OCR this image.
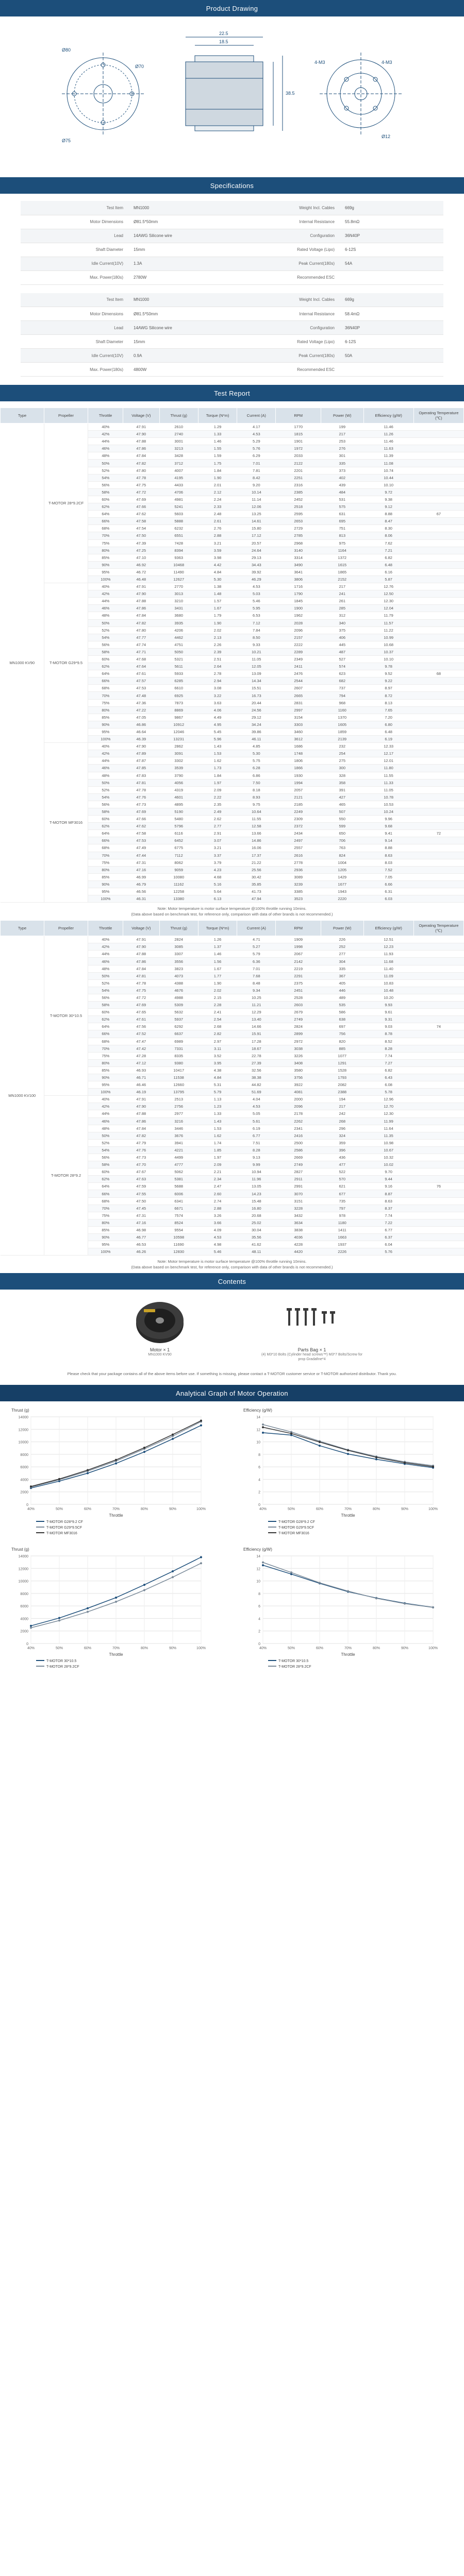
Product Drawing
Ø80
Ø75
Ø70
22.5
18.5
38.5
4-M3
4-M3
Ø12
Specifications
Test Item	MN1000	Weight Incl. Cables	669g
Motor Dimensions	Ø81.5*50mm	Internal Resistance	55.8mΩ
Lead	14AWG Silicone wire	Configuration	36N40P
Shaft Diameter	15mm	Rated Voltage (Lipo)	6-12S
Idle Current(10V)	1.3A	Peak Current(180s)	54A
Max. Power(180s)	2780W	Recommended ESC	
Test Item	MN1000	Weight Incl. Cables	669g
Motor Dimensions	Ø81.5*50mm	Internal Resistance	58.4mΩ
Lead	14AWG Silicone wire	Configuration	36N40P
Shaft Diameter	15mm	Rated Voltage (Lipo)	6-12S
Idle Current(10V)	0.9A	Peak Current(180s)	50A
Max. Power(180s)	4800W	Recommended ESC	
Test Report
Type	Propeller	Throttle	Voltage (V)	Thrust (g)	Torque (N*m)	Current (A)	RPM	Power (W)	Efficiency (g/W)	Operating Temperature (℃)
MN1000 KV90	T-MOTOR 28*9.2CF	40%	47.91	2610	1.29	4.17	1770	199	11.46	
		42%	47.90	2740	1.33	4.53	1815	217	11.26	
		44%	47.88	3001	1.46	5.29	1901	253	11.46	
		46%	47.86	3213	1.55	5.76	1972	276	11.63	
		48%	47.84	3428	1.59	6.29	2033	301	11.39	
		50%	47.82	3712	1.75	7.01	2122	335	11.08	
		52%	47.80	4007	1.84	7.81	2201	373	10.74	
		54%	47.78	4195	1.90	8.42	2251	402	10.44	
		56%	47.75	4433	2.01	9.20	2316	439	10.10	
		58%	47.72	4706	2.12	10.14	2385	484	9.72	
		60%	47.69	4981	2.24	11.14	2452	531	9.38	
		62%	47.66	5241	2.33	12.06	2518	575	9.12	
		64%	47.62	5603	2.48	13.25	2595	631	8.88	67
		66%	47.58	5888	2.61	14.61	2653	695	8.47	
		68%	47.54	6232	2.76	15.80	2729	751	8.30	
		70%	47.50	6551	2.88	17.12	2785	813	8.06	
		75%	47.39	7428	3.21	20.57	2968	975	7.62	
		80%	47.25	8394	3.59	24.64	3140	1164	7.21	
		85%	47.10	9363	3.98	29.13	3314	1372	6.82	
		90%	46.92	10468	4.42	34.43	3490	1615	6.48	
		95%	46.72	11490	4.84	39.92	3641	1865	6.16	
		100%	46.48	12627	5.30	46.29	3806	2152	5.87	
	T-MOTOR G29*9.5	40%	47.91	2770	1.38	4.53	1716	217	12.76	
		42%	47.90	3013	1.48	5.03	1790	241	12.50	
		44%	47.88	3210	1.57	5.46	1845	261	12.30	
		46%	47.86	3431	1.67	5.95	1900	285	12.04	
		48%	47.84	3680	1.79	6.53	1962	312	11.79	
		50%	47.82	3935	1.90	7.12	2028	340	11.57	
		52%	47.80	4206	2.02	7.84	2096	375	11.22	
		54%	47.77	4462	2.13	8.50	2157	406	10.99	
		56%	47.74	4751	2.26	9.33	2222	445	10.68	
		58%	47.71	5050	2.39	10.21	2289	487	10.37	
		60%	47.68	5321	2.51	11.05	2349	527	10.10	
		62%	47.64	5611	2.64	12.05	2411	574	9.78	
		64%	47.61	5933	2.78	13.09	2476	623	9.52	68
		66%	47.57	6285	2.94	14.34	2544	682	9.22	
		68%	47.53	6610	3.08	15.51	2607	737	8.97	
		70%	47.48	6925	3.22	16.73	2665	794	8.72	
		75%	47.36	7873	3.63	20.44	2831	968	8.13	
		80%	47.22	8869	4.06	24.56	2997	1160	7.65	
		85%	47.05	9867	4.49	29.12	3154	1370	7.20	
		90%	46.86	10912	4.95	34.24	3303	1605	6.80	
		95%	46.64	12046	5.45	39.86	3460	1859	6.48	
		100%	46.39	13231	5.96	46.11	3612	2139	6.19	
	T-MOTOR MF3016	40%	47.90	2862	1.43	4.85	1686	232	12.33	
		42%	47.89	3091	1.53	5.30	1748	254	12.17	
		44%	47.87	3302	1.62	5.75	1806	275	12.01	
		46%	47.85	3539	1.73	6.28	1866	300	11.80	
		48%	47.83	3790	1.84	6.86	1930	328	11.55	
		50%	47.81	4056	1.97	7.50	1994	358	11.33	
		52%	47.78	4319	2.09	8.18	2057	391	11.05	
		54%	47.76	4601	2.22	8.93	2121	427	10.78	
		56%	47.73	4895	2.35	9.75	2185	465	10.53	
		58%	47.69	5190	2.49	10.64	2249	507	10.24	
		60%	47.66	5480	2.62	11.55	2309	550	9.96	
		62%	47.62	5796	2.77	12.58	2372	599	9.68	
		64%	47.58	6116	2.91	13.66	2434	650	9.41	72
		66%	47.53	6452	3.07	14.86	2497	706	9.14	
		68%	47.49	6775	3.21	16.06	2557	763	8.88	
		70%	47.44	7112	3.37	17.37	2616	824	8.63	
		75%	47.31	8062	3.79	21.22	2778	1004	8.03	
		80%	47.16	9059	4.23	25.56	2936	1205	7.52	
		85%	46.99	10080	4.68	30.42	3089	1429	7.05	
		90%	46.79	11162	5.16	35.85	3239	1677	6.66	
		95%	46.56	12258	5.64	41.73	3385	1943	6.31	
		100%	46.31	13380	6.13	47.94	3523	2220	6.03	
Note: Motor temperature is motor surface temperature @100% throttle running 10mins.
(Data above based on benchmark test, for reference only, comparison with data of other brands is not recommended.)
Type	Propeller	Throttle	Voltage (V)	Thrust (g)	Torque (N*m)	Current (A)	RPM	Power (W)	Efficiency (g/W)	Operating Temperature (℃)
MN1000 KV100	T-MOTOR 30*10.5	40%	47.91	2824	1.26	4.71	1909	226	12.51	
		42%	47.90	3085	1.37	5.27	1998	252	12.23	
		44%	47.88	3307	1.46	5.79	2067	277	11.93	
		46%	47.86	3556	1.56	6.36	2142	304	11.68	
		48%	47.84	3823	1.67	7.01	2219	335	11.40	
		50%	47.81	4073	1.77	7.68	2291	367	11.09	
		52%	47.78	4388	1.90	8.48	2375	405	10.83	
		54%	47.75	4676	2.02	9.34	2451	446	10.48	
		56%	47.72	4988	2.15	10.25	2528	489	10.20	
		58%	47.69	5309	2.28	11.21	2603	535	9.93	
		60%	47.65	5632	2.41	12.29	2679	586	9.61	
		62%	47.61	5937	2.54	13.40	2749	638	9.31	
		64%	47.56	6292	2.68	14.66	2824	697	9.03	74
		66%	47.52	6637	2.82	15.91	2899	756	8.78	
		68%	47.47	6989	2.97	17.28	2972	820	8.52	
		70%	47.42	7331	3.11	18.67	3038	885	8.28	
		75%	47.28	8335	3.52	22.78	3226	1077	7.74	
		80%	47.12	9380	3.95	27.39	3408	1291	7.27	
		85%	46.93	10417	4.38	32.56	3580	1528	6.82	
		90%	46.71	11538	4.84	38.38	3756	1793	6.43	
		95%	46.46	12660	5.31	44.82	3922	2082	6.08	
		100%	46.19	13795	5.79	51.69	4081	2388	5.78	
	T-MOTOR 28*9.2	40%	47.91	2513	1.13	4.04	2000	194	12.96	
		42%	47.90	2756	1.23	4.53	2096	217	12.70	
		44%	47.88	2977	1.33	5.05	2178	242	12.30	
		46%	47.86	3216	1.43	5.61	2262	268	11.99	
		48%	47.84	3446	1.53	6.19	2341	296	11.64	
		50%	47.82	3676	1.62	6.77	2416	324	11.35	
		52%	47.79	3941	1.74	7.51	2500	359	10.98	
		54%	47.76	4221	1.85	8.28	2586	396	10.67	
		56%	47.73	4499	1.97	9.13	2669	436	10.32	
		58%	47.70	4777	2.09	9.99	2749	477	10.02	
		60%	47.67	5062	2.21	10.94	2827	522	9.70	
		62%	47.63	5381	2.34	11.96	2911	570	9.44	
		64%	47.59	5688	2.47	13.05	2991	621	9.16	76
		66%	47.55	6006	2.60	14.23	3070	677	8.87	
		68%	47.50	6341	2.74	15.48	3151	735	8.63	
		70%	47.45	6671	2.88	16.80	3228	797	8.37	
		75%	47.31	7574	3.26	20.68	3432	978	7.74	
		80%	47.16	8524	3.66	25.02	3634	1180	7.22	
		85%	46.98	9554	4.09	30.04	3838	1411	6.77	
		90%	46.77	10598	4.53	35.56	4036	1663	6.37	
		95%	46.53	11690	4.98	41.62	4228	1937	6.04	
		100%	46.26	12830	5.46	48.11	4420	2226	5.76	
Note: Motor temperature is motor surface temperature @100% throttle running 10mins.
(Data above based on benchmark test, for reference only, comparison with data of other brands is not recommended.)
Contents
Motor × 1
MN1000 KV90
Parts Bag × 1
(4) M3*10 Bolts (Cylinder head screws™) M3*7 Bolts/Screw for prop Gradafine*4
Please check that your package contains all of the above items before use. If something is missing, please contact a T-MOTOR customer service or T-MOTOR authorized distributor. Thank you.
Analytical Graph of Motor Operation
0
2000
4000
6000
8000
10000
12000
14000
40%	50%	60%	70%	80%	90%	100%
Thrust (g)
Throttle
T-MOTOR G28*9.2 CF
T-MOTOR G29*9.5CF
T-MOTOR MF3016
0
2
4
6
8
10
12
14
40%	50%	60%	70%	80%	90%	100%
Efficiency (g/W)
Throttle
T-MOTOR G28*9.2 CF
T-MOTOR G29*9.5CF
T-MOTOR MF3016
0
2000
4000
6000
8000
10000
12000
14000
40%	50%	60%	70%	80%	90%	100%
Thrust (g)
Throttle
T-MOTOR 30*10.5
T-MOTOR 28*9.2CF
0
2
4
6
8
10
12
14
40%	50%	60%	70%	80%	90%	100%
Efficiency (g/W)
Throttle
T-MOTOR 30*10.5
T-MOTOR 28*9.2CF
